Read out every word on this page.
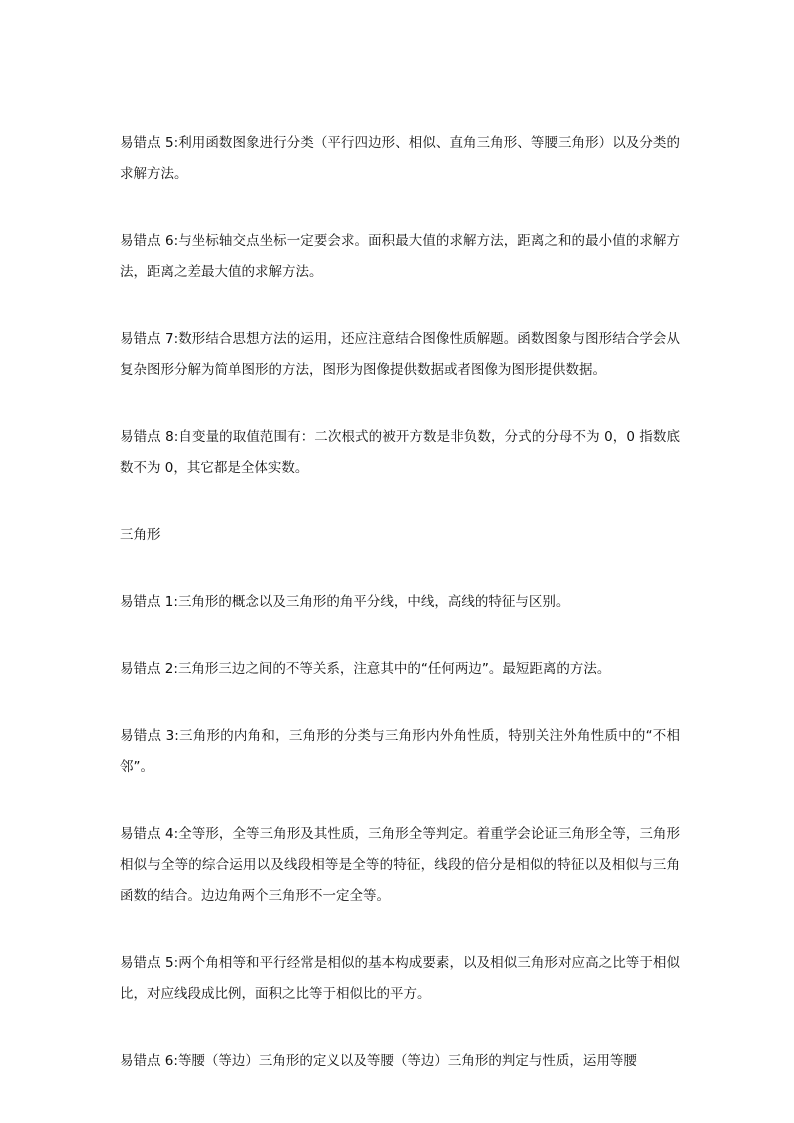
易错点 5:利用函数图象进行分类（平行四边形、相似、直角三角形、等腰三角形）以及分类的求解方法。

易错点 6:与坐标轴交点坐标一定要会求。面积最大值的求解方法，距离之和的最小值的求解方法，距离之差最大值的求解方法。

易错点 7:数形结合思想方法的运用，还应注意结合图像性质解题。函数图象与图形结合学会从复杂图形分解为简单图形的方法，图形为图像提供数据或者图像为图形提供数据。

易错点 8:自变量的取值范围有：二次根式的被开方数是非负数，分式的分母不为 0，0 指数底数不为 0，其它都是全体实数。

三角形

易错点 1:三角形的概念以及三角形的角平分线，中线，高线的特征与区别。

易错点 2:三角形三边之间的不等关系，注意其中的“任何两边”。最短距离的方法。

易错点 3:三角形的内角和，三角形的分类与三角形内外角性质，特别关注外角性质中的“不相邻”。

易错点 4:全等形，全等三角形及其性质，三角形全等判定。着重学会论证三角形全等，三角形相似与全等的综合运用以及线段相等是全等的特征，线段的倍分是相似的特征以及相似与三角函数的结合。边边角两个三角形不一定全等。

易错点 5:两个角相等和平行经常是相似的基本构成要素，以及相似三角形对应高之比等于相似比，对应线段成比例，面积之比等于相似比的平方。

易错点 6:等腰（等边）三角形的定义以及等腰（等边）三角形的判定与性质，运用等腰
